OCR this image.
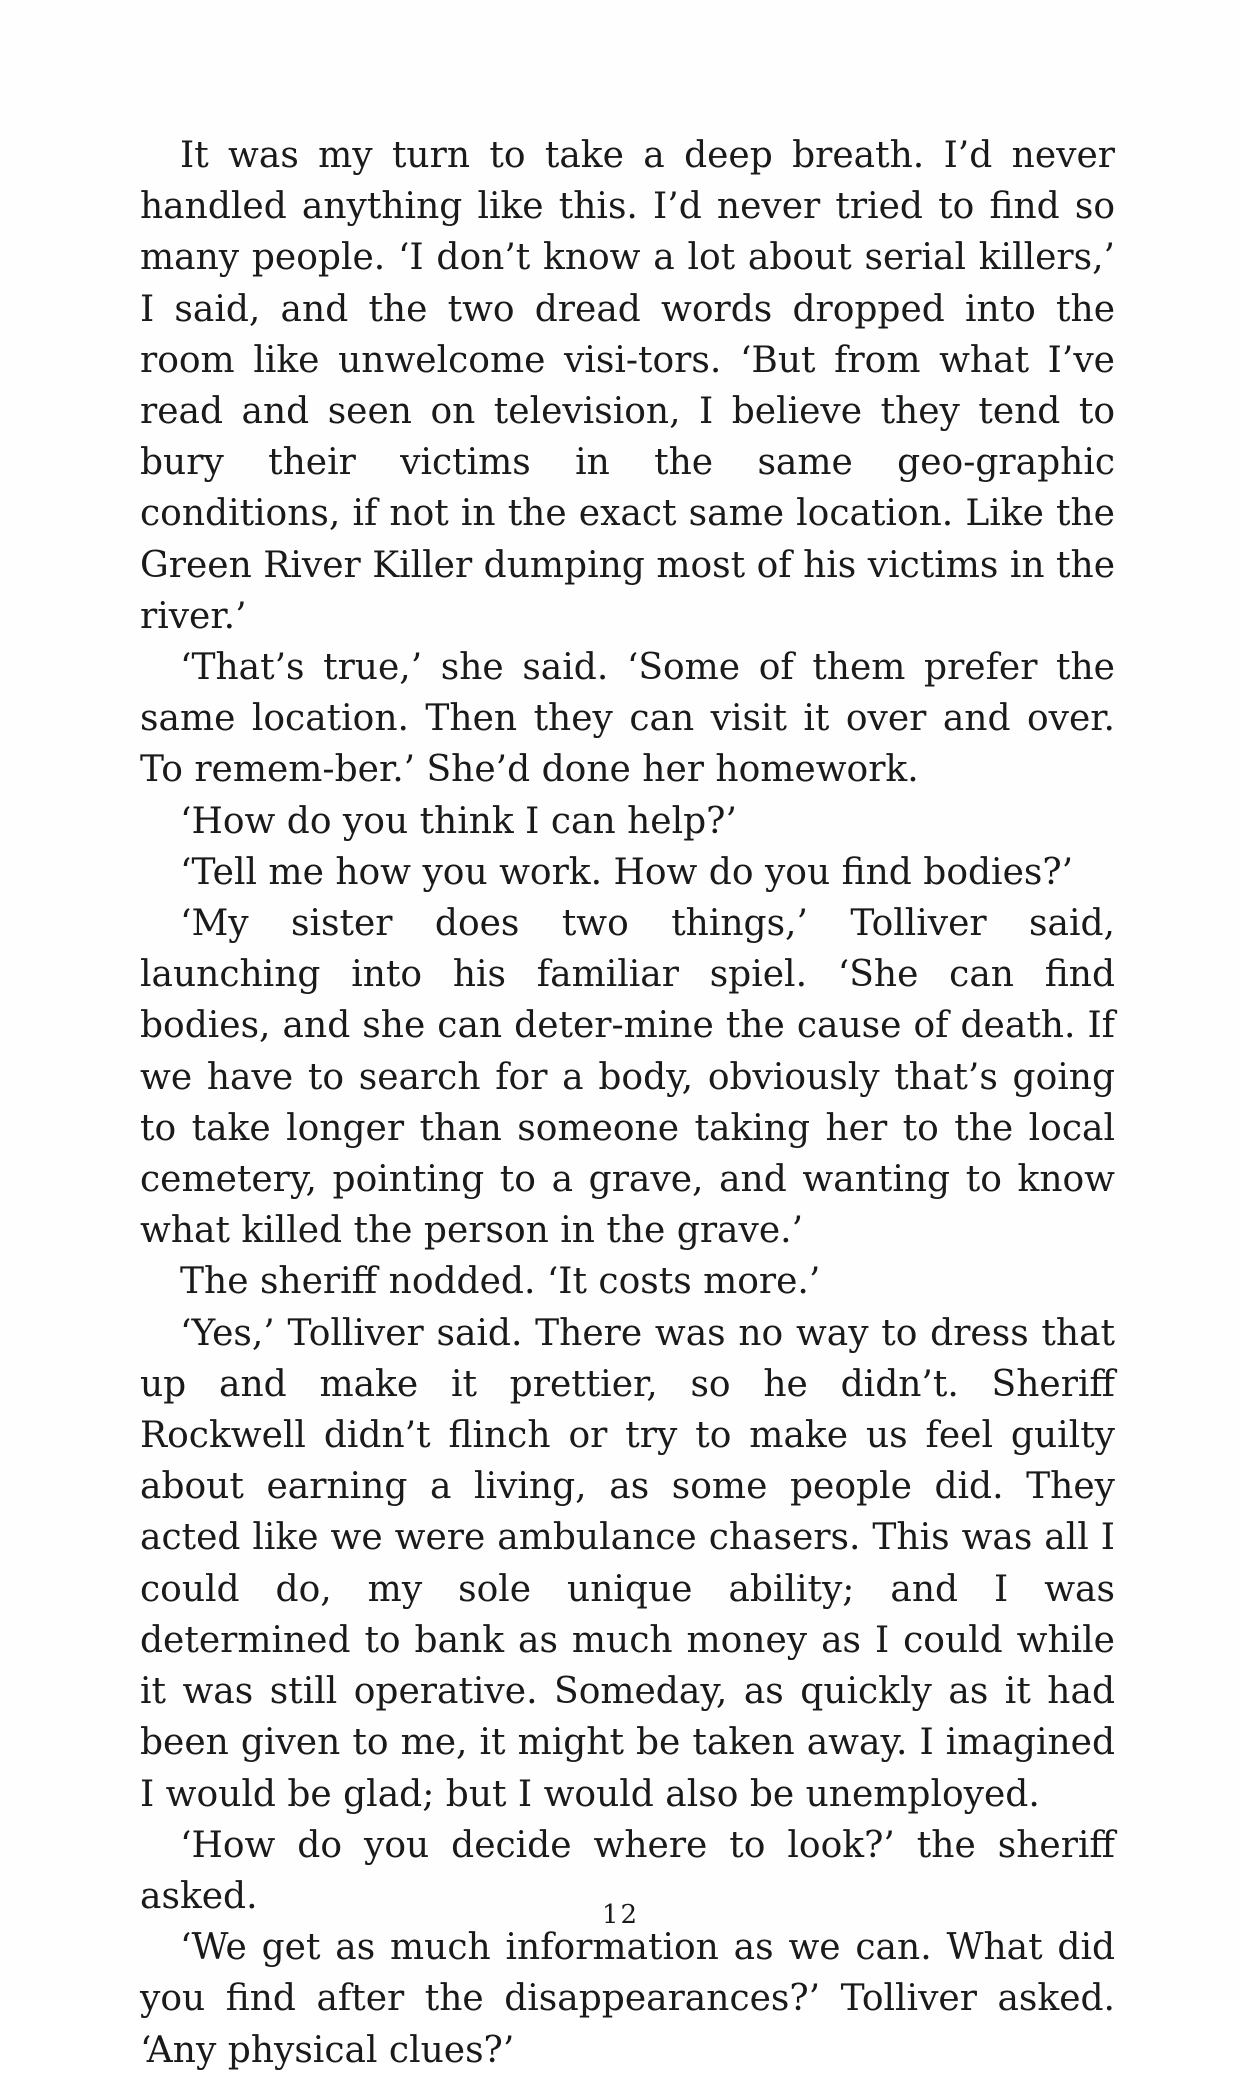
It was my turn to take a deep breath. I’d never handled anything like this. I’d never tried to find so many people. ‘I don’t know a lot about serial killers,’ I said, and the two dread words dropped into the room like unwelcome visi-tors. ‘But from what I’ve read and seen on television, I believe they tend to bury their victims in the same geo-graphic conditions, if not in the exact same location. Like the Green River Killer dumping most of his victims in the river.’

‘That’s true,’ she said. ‘Some of them prefer the same location. Then they can visit it over and over. To remem-ber.’ She’d done her homework.

‘How do you think I can help?’

‘Tell me how you work. How do you find bodies?’

‘My sister does two things,’ Tolliver said, launching into his familiar spiel. ‘She can find bodies, and she can deter-mine the cause of death. If we have to search for a body, obviously that’s going to take longer than someone taking her to the local cemetery, pointing to a grave, and wanting to know what killed the person in the grave.’

The sheriff nodded. ‘It costs more.’

‘Yes,’ Tolliver said. There was no way to dress that up and make it prettier, so he didn’t. Sheriff Rockwell didn’t flinch or try to make us feel guilty about earning a living, as some people did. They acted like we were ambulance chasers. This was all I could do, my sole unique ability; and I was determined to bank as much money as I could while it was still operative. Someday, as quickly as it had been given to me, it might be taken away. I imagined I would be glad; but I would also be unemployed.

‘How do you decide where to look?’ the sheriff asked.

‘We get as much information as we can. What did you find after the disappearances?’ Tolliver asked. ‘Any physical clues?’

12
